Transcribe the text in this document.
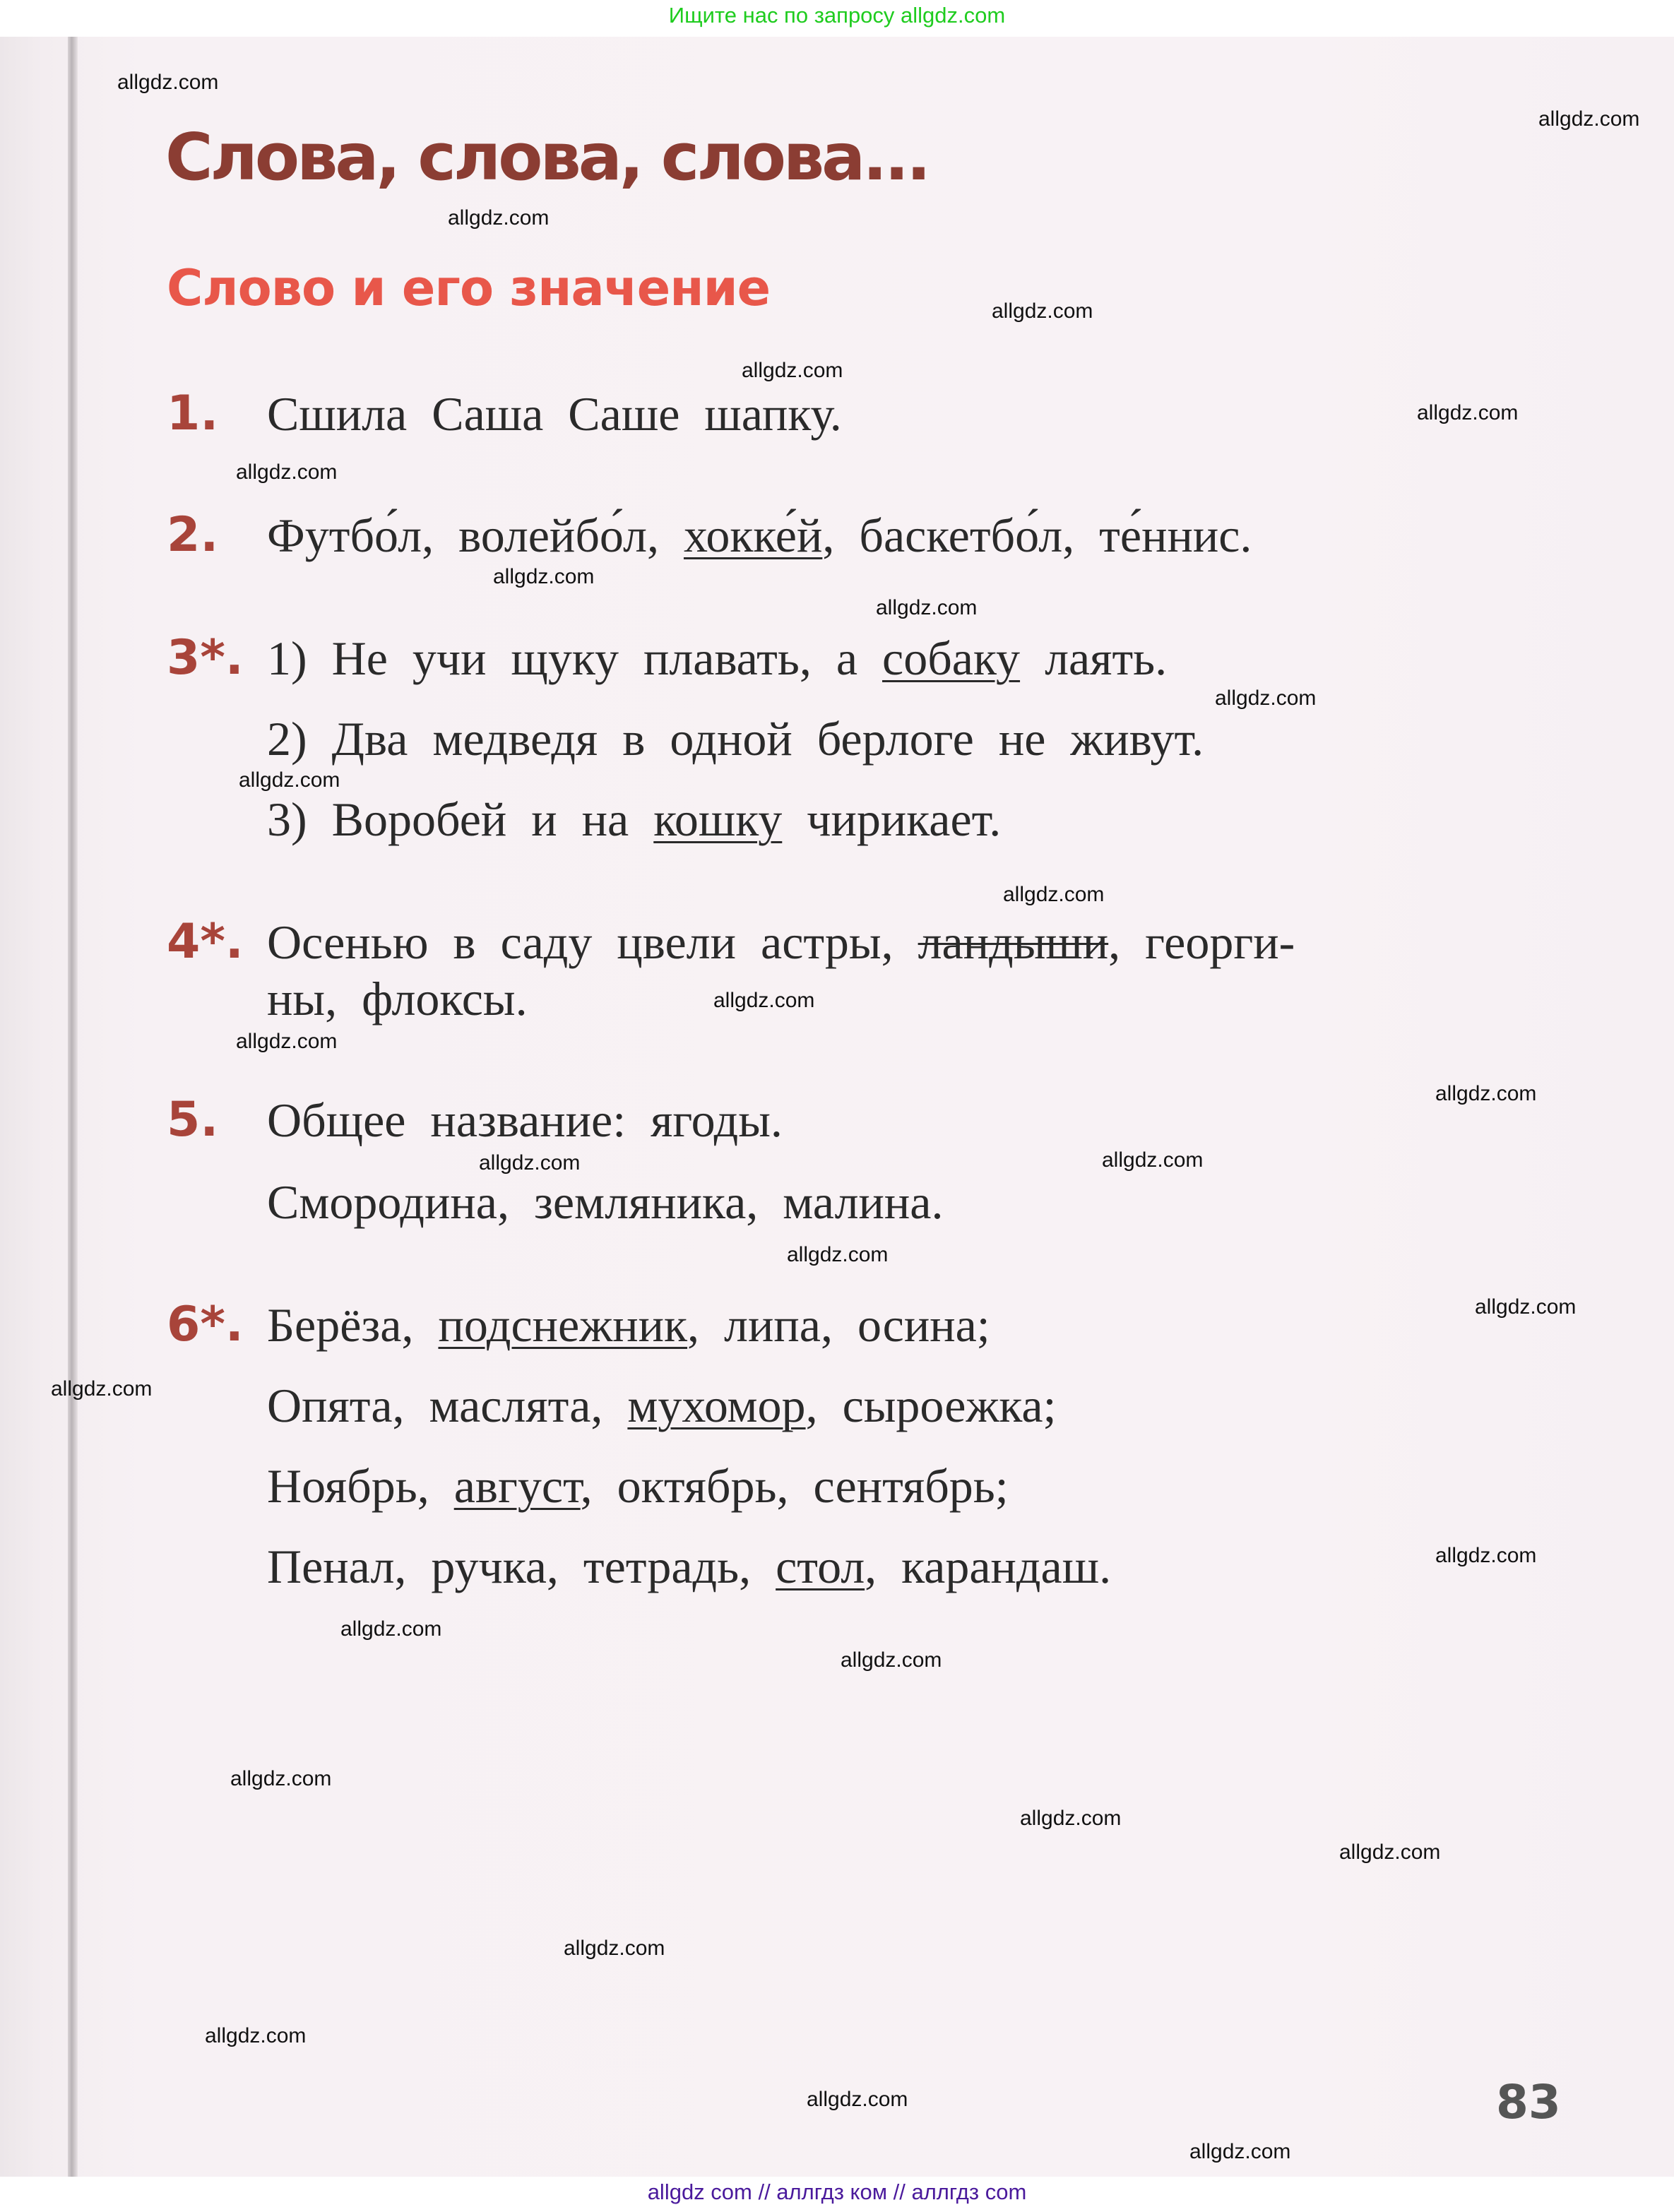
Ищите нас по запросу allgdz.com
Слова, слова, слова...
Слово и его значение
1. Сшила Саша Саше шапку.
2. Футбо́л, волейбо́л, хокке́й, баскетбо́л, те́ннис.
3*. 1) Не учи щуку плавать, а собаку лаять.
2) Два медведя в одной берлоге не живут.
3) Воробей и на кошку чирикает.
4*. Осенью в саду цвели астры, ландыши, георги-
ны, флоксы.
5. Общее название: ягоды.
Смородина, земляника, малина.
6*. Берёза, подснежник, липа, осина;
Опята, маслята, мухомор, сыроежка;
Ноябрь, август, октябрь, сентябрь;
Пенал, ручка, тетрадь, стол, карандаш.
83
allgdz.com
allgdz.com
allgdz.com
allgdz.com
allgdz.com
allgdz.com
allgdz.com
allgdz.com
allgdz.com
allgdz.com
allgdz.com
allgdz.com
allgdz.com
allgdz.com
allgdz.com
allgdz.com	allgdz.com
allgdz.com
allgdz.com
allgdz.com
allgdz.com
allgdz.com
allgdz.com
allgdz.com
allgdz.com
allgdz.com
allgdz.com
allgdz.com
allgdz.com
allgdz.com
allgdz com // аллгдз ком // аллгдз com
